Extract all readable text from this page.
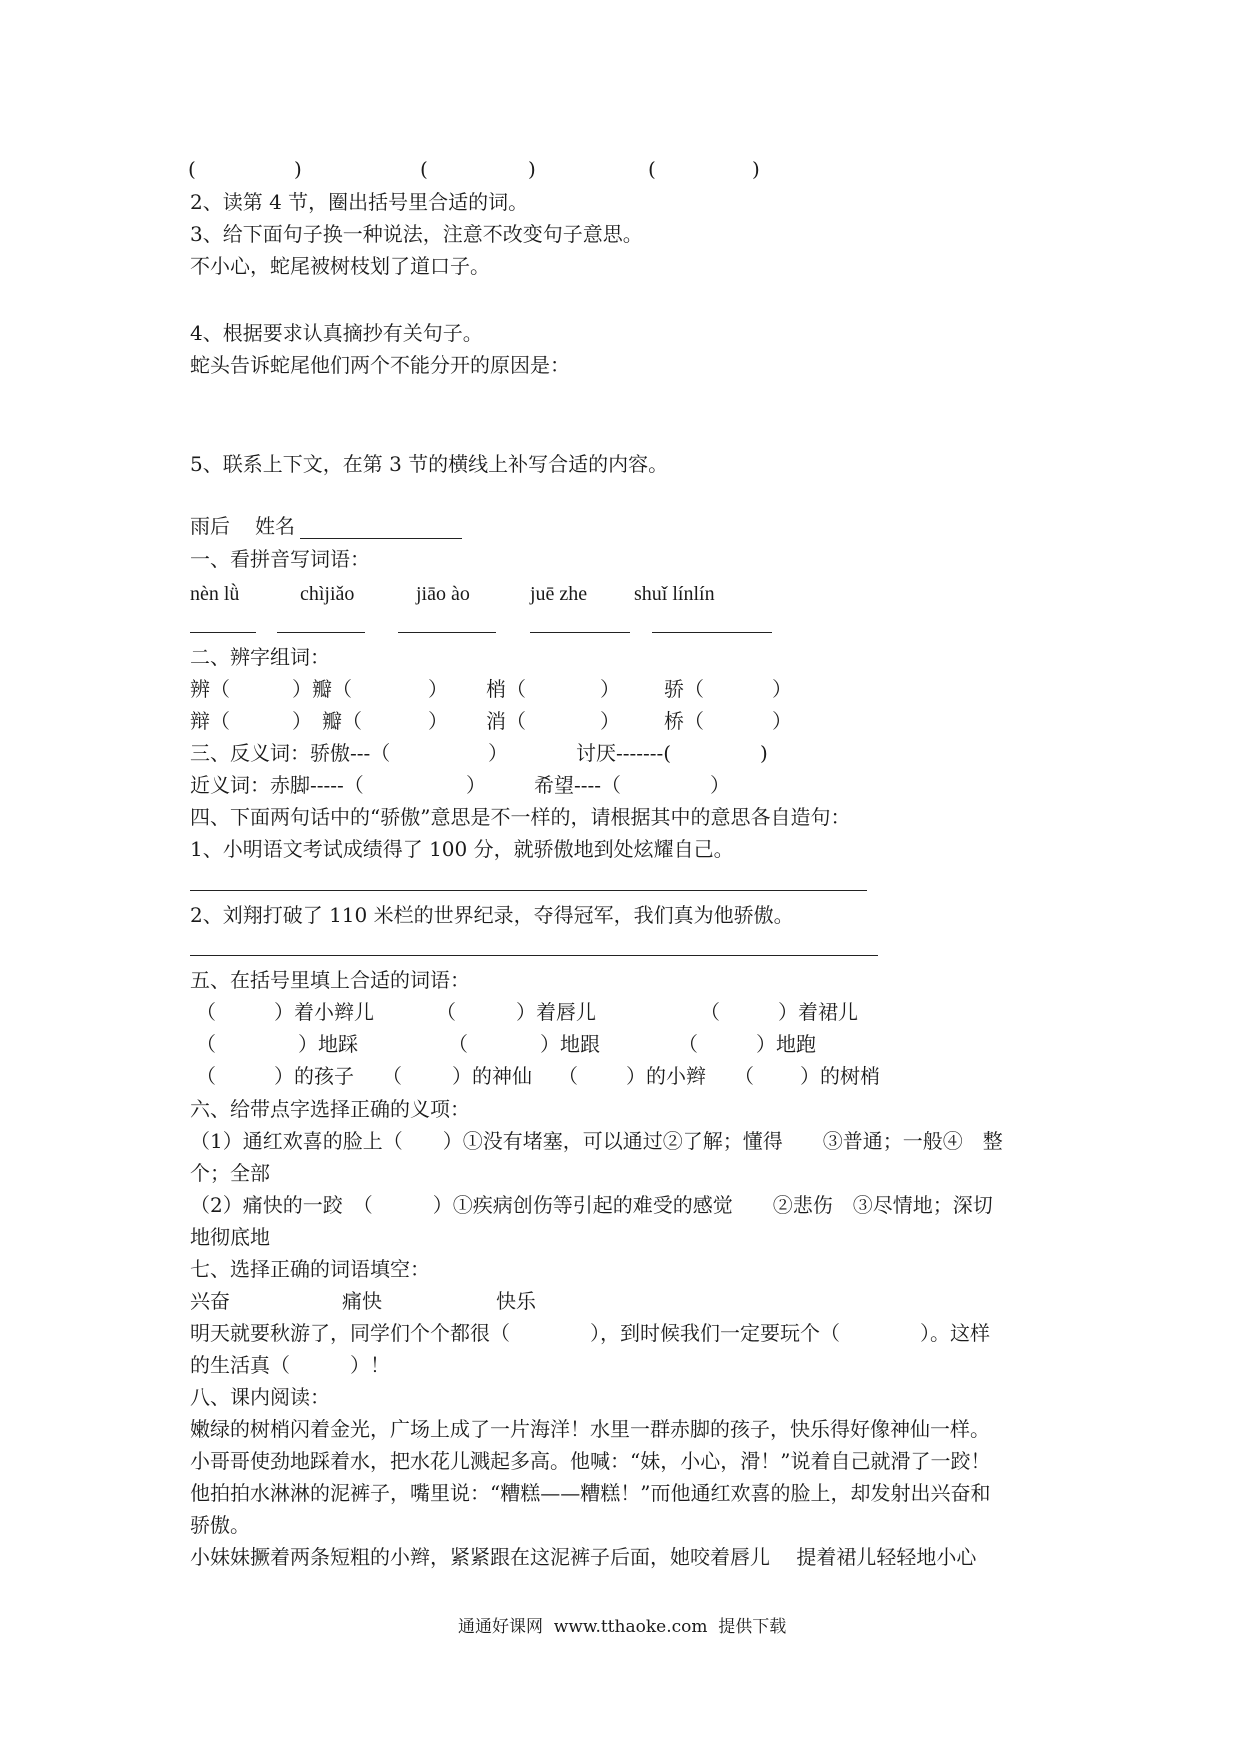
(	)	(	)	(	)
2、读第 4 节，圈出括号里合适的词。
3、给下面句子换一种说法，注意不改变句子意思。
不小心，蛇尾被树枝划了道口子。
4、根据要求认真摘抄有关句子。
蛇头告诉蛇尾他们两个不能分开的原因是：
5、联系上下文，在第 3 节的横线上补写合适的内容。
雨后 姓名
一、看拼音写词语：
nèn lǜ	chìjiǎo	jiāo ào	juē zhe shuǐ línlín
二、辨字组词：
辨（	）瓣（	） 梢（	） 骄（	）
辩（	） 瓣（	） 消（	） 桥（	）
三、反义词：骄傲---（	）	讨厌-------(	)
近义词：赤脚-----（	） 希望----（	）
四、下面两句话中的“骄傲”意思是不一样的，请根据其中的意思各自造句：
1、小明语文考试成绩得了 100 分，就骄傲地到处炫耀自己。
2、刘翔打破了 110 米栏的世界纪录，夺得冠军，我们真为他骄傲。
五、在括号里填上合适的词语：
（	）着小辫儿	（	）着唇儿	（	）着裙儿
（	）地踩	（	）地跟	（	）地跑
（	）的孩子 （	）的神仙 （ ）的小辫 （ ）的树梢
六、给带点字选择正确的义项：
（1）通红欢喜的脸上（　　）①没有堵塞，可以通过②了解；懂得　　③普通；一般④　整
个；全部
（2）痛快的一跤　（　　　）①疾病创伤等引起的难受的感觉　　②悲伤　③尽情地；深切
地彻底地
七、选择正确的词语填空：
兴奋	痛快	快乐
明天就要秋游了，同学们个个都很（　　　　），到时候我们一定要玩个（　　　　）。这样
的生活真（　　　）！
八、课内阅读：
嫩绿的树梢闪着金光，广场上成了一片海洋！水里一群赤脚的孩子，快乐得好像神仙一样。
小哥哥使劲地踩着水，把水花儿溅起多高。他喊：“妹，小心，滑！”说着自己就滑了一跤！
他拍拍水淋淋的泥裤子，嘴里说：“糟糕——糟糕！”而他通红欢喜的脸上，却发射出兴奋和
骄傲。
小妹妹撅着两条短粗的小辫，紧紧跟在这泥裤子后面，她咬着唇儿　 提着裙儿轻轻地小心
通通好课网  www.tthaoke.com  提供下载
